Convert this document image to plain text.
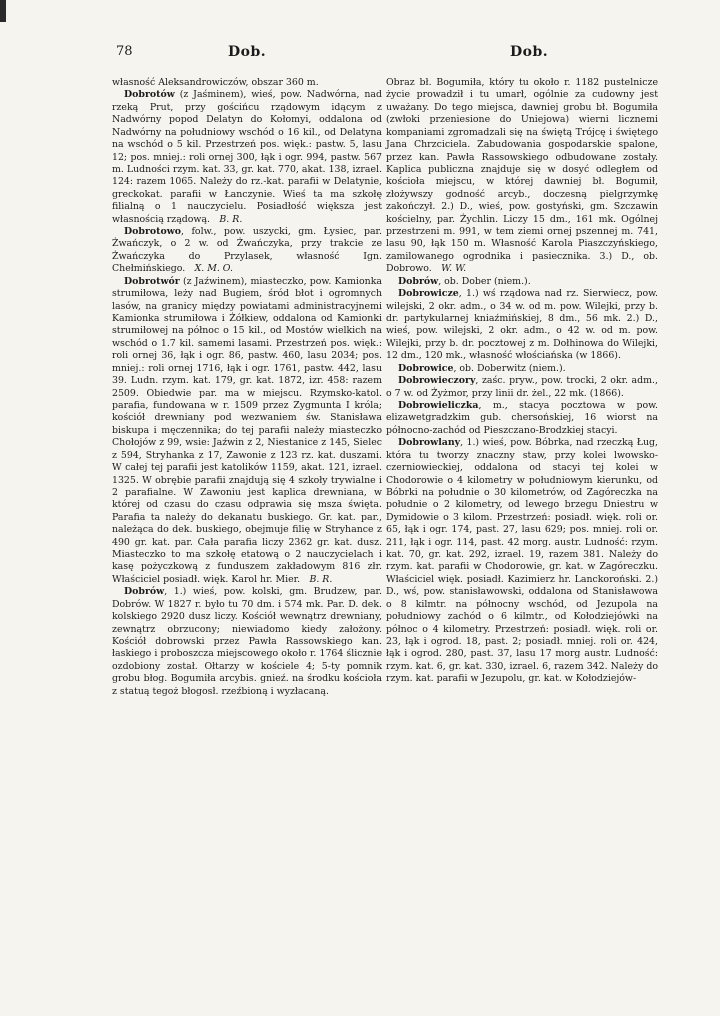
78	Dob.	Dob.

własność Aleksandrowiczów, obszar 360 m.

Dobrotów (z Jaśminem), wieś, pow. Nadwórna, nad rzeką Prut, przy gościńcu rządowym idącym z Nadwórny popod Delatyn do Kołomyi, oddalona od Nadwórny na południowy wschód o 16 kil., od Delatyna na wschód o 5 kil. Przestrzeń pos. więk.: pastw. 5, lasu 12; pos. mniej.: roli ornej 300, łąk i ogr. 994, pastw. 567 m. Ludności rzym. kat. 33, gr. kat. 770, akat. 138, izrael. 124: razem 1065. Należy do rz.-kat. parafii w Delatynie, greckokat. parafii w Łanczynie. Wieś ta ma szkołę filialną o 1 nauczycielu. Posiadłość większa jest własnością rządową.  B. R.

Dobrotowo, folw., pow. uszycki, gm. Łysiec, par. Żwańczyk, o 2 w. od Żwańczyka, przy trakcie ze Żwańczyka do Przylasek, własność Ign. Chełmińskiego.  X. M. O.

Dobrotwór (z Jaźwinem), miasteczko, pow. Kamionka strumiłowa, leży nad Bugiem, śród błot i ogromnych lasów, na granicy między powiatami administracyjnemi Kamionka strumiłowa i Żółkiew, oddalona od Kamionki strumiłowej na północ o 15 kil., od Mostów wielkich na wschód o 1.7 kil. samemi lasami. Przestrzeń pos. więk.: roli ornej 36, łąk i ogr. 86, pastw. 460, lasu 2034; pos. mniej.: roli ornej 1716, łąk i ogr. 1761, pastw. 442, lasu 39. Ludn. rzym. kat. 179, gr. kat. 1872, izr. 458: razem 2509. Obiedwie par. ma w miejscu. Rzymsko-katol. parafia, fundowana w r. 1509 przez Zygmunta I króla; kościół drewniany pod wezwaniem św. Stanisława biskupa i męczennika; do tej parafii należy miasteczko Chołojów z 99, wsie: Jaźwin z 2, Niestanice z 145, Sielec z 594, Stryhanka z 17, Zawonie z 123 rz. kat. duszami. W całej tej parafii jest katolików 1159, akat. 121, izrael. 1325. W obrębie parafii znajdują się 4 szkoły trywialne i 2 parafialne. W Zawoniu jest kaplica drewniana, w której od czasu do czasu odprawia się msza święta. Parafia ta należy do dekanatu buskiego. Gr. kat. par., należąca do dek. buskiego, obejmuje filię w Stryhance z 490 gr. kat. par. Cała parafia liczy 2362 gr. kat. dusz. Miasteczko to ma szkołę etatową o 2 nauczycielach i kasę pożyczkową z funduszem zakładowym 816 złr. Właściciel posiadł. więk. Karol hr. Mier.  B. R.

Dobrów, 1.) wieś, pow. kolski, gm. Brudzew, par. Dobrów. W 1827 r. było tu 70 dm. i 574 mk. Par. D. dek. kolskiego 2920 dusz liczy. Kościół wewnątrz drewniany, zewnątrz obrzucony; niewiadomo kiedy założony. Kościół dobrowski przez Pawła Rassowskiego kan. łaskiego i proboszcza miejscowego około r. 1764 ślicznie ozdobiony został. Ołtarzy w kościele 4; 5-ty pomnik grobu błog. Bogumiła arcybis. gnieź. na środku kościoła z statuą tegoż błogosł. rzeźbioną i wyzłacaną.

Obraz bł. Bogumiła, który tu około r. 1182 pustelnicze życie prowadził i tu umarł, ogólnie za cudowny jest uważany. Do tego miejsca, dawniej grobu bł. Bogumiła (zwłoki przeniesione do Uniejowa) wierni licznemi kompaniami zgromadzali się na świętą Trójcę i świętego Jana Chrzciciela. Zabudowania gospodarskie spalone, przez kan. Pawła Rassowskiego odbudowane zostały. Kaplica publiczna znajduje się w dosyć odległem od kościoła miejscu, w której dawniej bł. Bogumił, złożywszy godność arcyb., doczesną pielgrzymkę zakończył. 2.) D., wieś, pow. gostyński, gm. Szczawin kościelny, par. Żychlin. Liczy 15 dm., 161 mk. Ogólnej przestrzeni m. 991, w tem ziemi ornej pszennej m. 741, lasu 90, łąk 150 m. Własność Karola Piaszczyńskiego, zamilowanego ogrodnika i pasiecznika. 3.) D., ob. Dobrowo.  W. W.

Dobrów, ob. Dober (niem.).

Dobrowicze, 1.) wś rządowa nad rz. Sierwiecz, pow. wilejski, 2 okr. adm., o 34 w. od m. pow. Wilejki, przy b. dr. partykularnej kniaźmińskiej, 8 dm., 56 mk. 2.) D., wieś, pow. wilejski, 2 okr. adm., o 42 w. od m. pow. Wilejki, przy b. dr. pocztowej z m. Dołhinowa do Wilejki, 12 dm., 120 mk., własność włościańska (w 1866).

Dobrowice, ob. Doberwitz (niem.).

Dobrowieczory, zaśc. pryw., pow. trocki, 2 okr. adm., o 7 w. od Żyżmor, przy linii dr. żel., 22 mk. (1866).

Dobrowieliczka, m., stacya pocztowa w pow. elizawetgradzkim gub. chersońskiej, 16 wiorst na północno-zachód od Pieszczano-Brodzkiej stacyi.

Dobrowlany, 1.) wieś, pow. Bóbrka, nad rzeczką Ług, która tu tworzy znaczny staw, przy kolei lwowsko-czerniowieckiej, oddalona od stacyi tej kolei w Chodorowie o 4 kilometry w południowym kierunku, od Bóbrki na południe o 30 kilometrów, od Zagóreczka na południe o 2 kilometry, od lewego brzegu Dniestru w Dymidowie o 3 kilom. Przestrzeń: posiadł. więk. roli or. 65, łąk i ogr. 174, past. 27, lasu 629; pos. mniej. roli or. 211, łąk i ogr. 114, past. 42 morg. austr. Ludność: rzym. kat. 70, gr. kat. 292, izrael. 19, razem 381. Należy do rzym. kat. parafii w Chodorowie, gr. kat. w Zagóreczku. Właściciel więk. posiadł. Kazimierz hr. Lanckoroński. 2.) D., wś, pow. stanisławowski, oddalona od Stanisławowa o 8 kilmtr. na północny wschód, od Jezupola na południowy zachód o 6 kilmtr., od Kołodziejówki na północ o 4 kilometry. Przestrzeń: posiadł. więk. roli or. 23, łąk i ogrod. 18, past. 2; posiadł. mniej. roli or. 424, łąk i ogrod. 280, past. 37, lasu 17 morg austr. Ludność: rzym. kat. 6, gr. kat. 330, izrael. 6, razem 342. Należy do rzym. kat. parafii w Jezupolu, gr. kat. w Kołodziejów-
